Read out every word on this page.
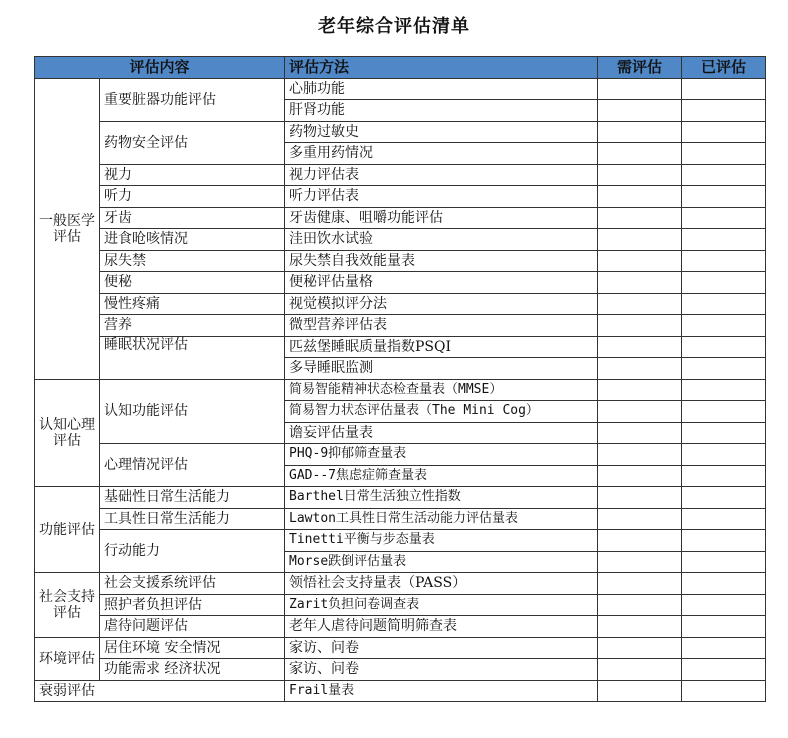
老年综合评估清单
评估内容		评估方法	需评估	已评估
一般医学评估	重要脏器功能评估	心肺功能		
		肝肾功能		
	药物安全评估	药物过敏史		
		多重用药情况		
	视力	视力评估表		
	听力	听力评估表		
	牙齿	牙齿健康、咀嚼功能评估		
	进食呛咳情况	洼田饮水试验		
	尿失禁	尿失禁自我效能量表		
	便秘	便秘评估量格		
	慢性疼痛	视觉模拟评分法		
	营养	微型营养评估表		
	睡眠状况评估	匹兹堡睡眠质量指数PSQI		
		多导睡眠监测		
认知心理评估	认知功能评估	简易智能精神状态检查量表（MMSE）		
		简易智力状态评估量表（The Mini Cog）		
		谵妄评估量表		
	心理情况评估	PHQ-9抑郁筛查量表		
		GAD--7焦虑症筛查量表		
功能评估	基础性日常生活能力	Barthel日常生活独立性指数		
	工具性日常生活能力	Lawton工具性日常生活动能力评估量表		
	行动能力	Tinetti平衡与步态量表		
		Morse跌倒评估量表		
社会支持评估	社会支援系统评估	领悟社会支持量表（PASS）		
	照护者负担评估	Zarit负担问卷调查表		
	虐待问题评估	老年人虐待问题简明筛查表		
环境评估	居住环境 安全情况	家访、问卷		
	功能需求 经济状况	家访、问卷		
衰弱评估		Frail量表		
